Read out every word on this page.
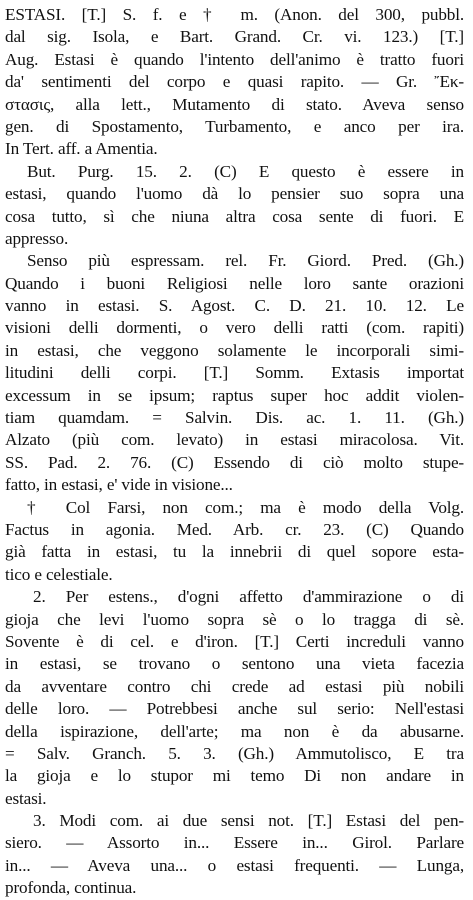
ESTASI. [T.] S. f. e † m. (Anon. del 300, pubbl.
dal sig. Isola, e Bart. Grand. Cr. vi. 123.) [T.]
Aug. Estasi è quando l'intento dell'animo è tratto fuori
da' sentimenti del corpo e quasi rapito. — Gr. Ἔκ-
στασις, alla lett., Mutamento di stato. Aveva senso
gen. di Spostamento, Turbamento, e anco per ira.
In Tert. aff. a Amentia.
But. Purg. 15. 2. (C) E questo è essere in
estasi, quando l'uomo dà lo pensier suo sopra una
cosa tutto, sì che niuna altra cosa sente di fuori. E
appresso.
Senso più espressam. rel. Fr. Giord. Pred. (Gh.)
Quando i buoni Religiosi nelle loro sante orazioni
vanno in estasi. S. Agost. C. D. 21. 10. 12. Le
visioni delli dormenti, o vero delli ratti (com. rapiti)
in estasi, che veggono solamente le incorporali simi-
litudini delli corpi. [T.] Somm. Extasis importat
excessum in se ipsum; raptus super hoc addit violen-
tiam quamdam. = Salvin. Dis. ac. 1. 11. (Gh.)
Alzato (più com. levato) in estasi miracolosa. Vit.
SS. Pad. 2. 76. (C) Essendo di ciò molto stupe-
fatto, in estasi, e' vide in visione...
† Col Farsi, non com.; ma è modo della Volg.
Factus in agonia. Med. Arb. cr. 23. (C) Quando
già fatta in estasi, tu la innebrii di quel sopore esta-
tico e celestiale.
2. Per estens., d'ogni affetto d'ammirazione o di
gioja che levi l'uomo sopra sè o lo tragga di sè.
Sovente è di cel. e d'iron. [T.] Certi increduli vanno
in estasi, se trovano o sentono una vieta facezia
da avventare contro chi crede ad estasi più nobili
delle loro. — Potrebbesi anche sul serio: Nell'estasi
della ispirazione, dell'arte; ma non è da abusarne.
= Salv. Granch. 5. 3. (Gh.) Ammutolisco, E tra
la gioja e lo stupor mi temo Di non andare in
estasi.
3. Modi com. ai due sensi not. [T.] Estasi del pen-
siero. — Assorto in... Essere in... Girol. Parlare
in... — Aveva una... o estasi frequenti. — Lunga,
profonda, continua.
